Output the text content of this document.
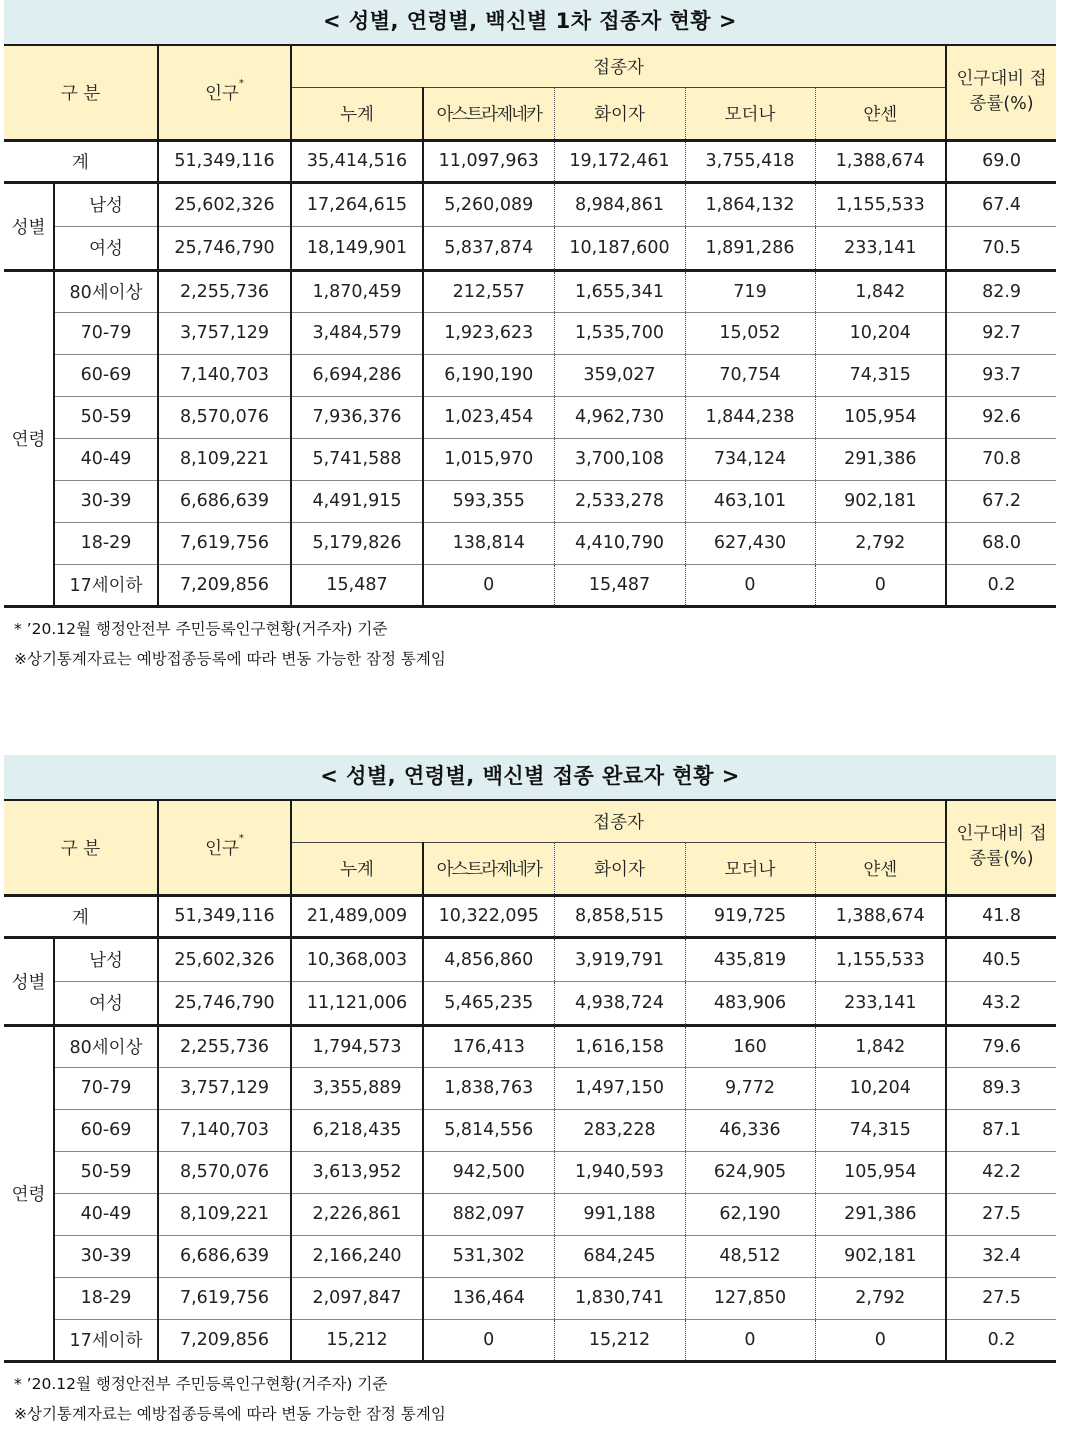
< 성별, 연령별, 백신별 1차 접종자 현황 >
구 분		인구*	접종자					인구대비 접종률(%)
			누계	아스트라제네카	화이자	모더나	얀센	
계		51,349,116	35,414,516	11,097,963	19,172,461	3,755,418	1,388,674	69.0
성별	남성	25,602,326	17,264,615	5,260,089	8,984,861	1,864,132	1,155,533	67.4
	여성	25,746,790	18,149,901	5,837,874	10,187,600	1,891,286	233,141	70.5
연령	80세이상	2,255,736	1,870,459	212,557	1,655,341	719	1,842	82.9
	70-79	3,757,129	3,484,579	1,923,623	1,535,700	15,052	10,204	92.7
	60-69	7,140,703	6,694,286	6,190,190	359,027	70,754	74,315	93.7
	50-59	8,570,076	7,936,376	1,023,454	4,962,730	1,844,238	105,954	92.6
	40-49	8,109,221	5,741,588	1,015,970	3,700,108	734,124	291,386	70.8
	30-39	6,686,639	4,491,915	593,355	2,533,278	463,101	902,181	67.2
	18-29	7,619,756	5,179,826	138,814	4,410,790	627,430	2,792	68.0
	17세이하	7,209,856	15,487	0	15,487	0	0	0.2
* ’20.12월 행정안전부 주민등록인구현황(거주자) 기준
※상기통계자료는 예방접종등록에 따라 변동 가능한 잠정 통계임
< 성별, 연령별, 백신별 접종 완료자 현황 >
구 분		인구*	접종자					인구대비 접종률(%)
			누계	아스트라제네카	화이자	모더나	얀센	
계		51,349,116	21,489,009	10,322,095	8,858,515	919,725	1,388,674	41.8
성별	남성	25,602,326	10,368,003	4,856,860	3,919,791	435,819	1,155,533	40.5
	여성	25,746,790	11,121,006	5,465,235	4,938,724	483,906	233,141	43.2
연령	80세이상	2,255,736	1,794,573	176,413	1,616,158	160	1,842	79.6
	70-79	3,757,129	3,355,889	1,838,763	1,497,150	9,772	10,204	89.3
	60-69	7,140,703	6,218,435	5,814,556	283,228	46,336	74,315	87.1
	50-59	8,570,076	3,613,952	942,500	1,940,593	624,905	105,954	42.2
	40-49	8,109,221	2,226,861	882,097	991,188	62,190	291,386	27.5
	30-39	6,686,639	2,166,240	531,302	684,245	48,512	902,181	32.4
	18-29	7,619,756	2,097,847	136,464	1,830,741	127,850	2,792	27.5
	17세이하	7,209,856	15,212	0	15,212	0	0	0.2
* ’20.12월 행정안전부 주민등록인구현황(거주자) 기준
※상기통계자료는 예방접종등록에 따라 변동 가능한 잠정 통계임
